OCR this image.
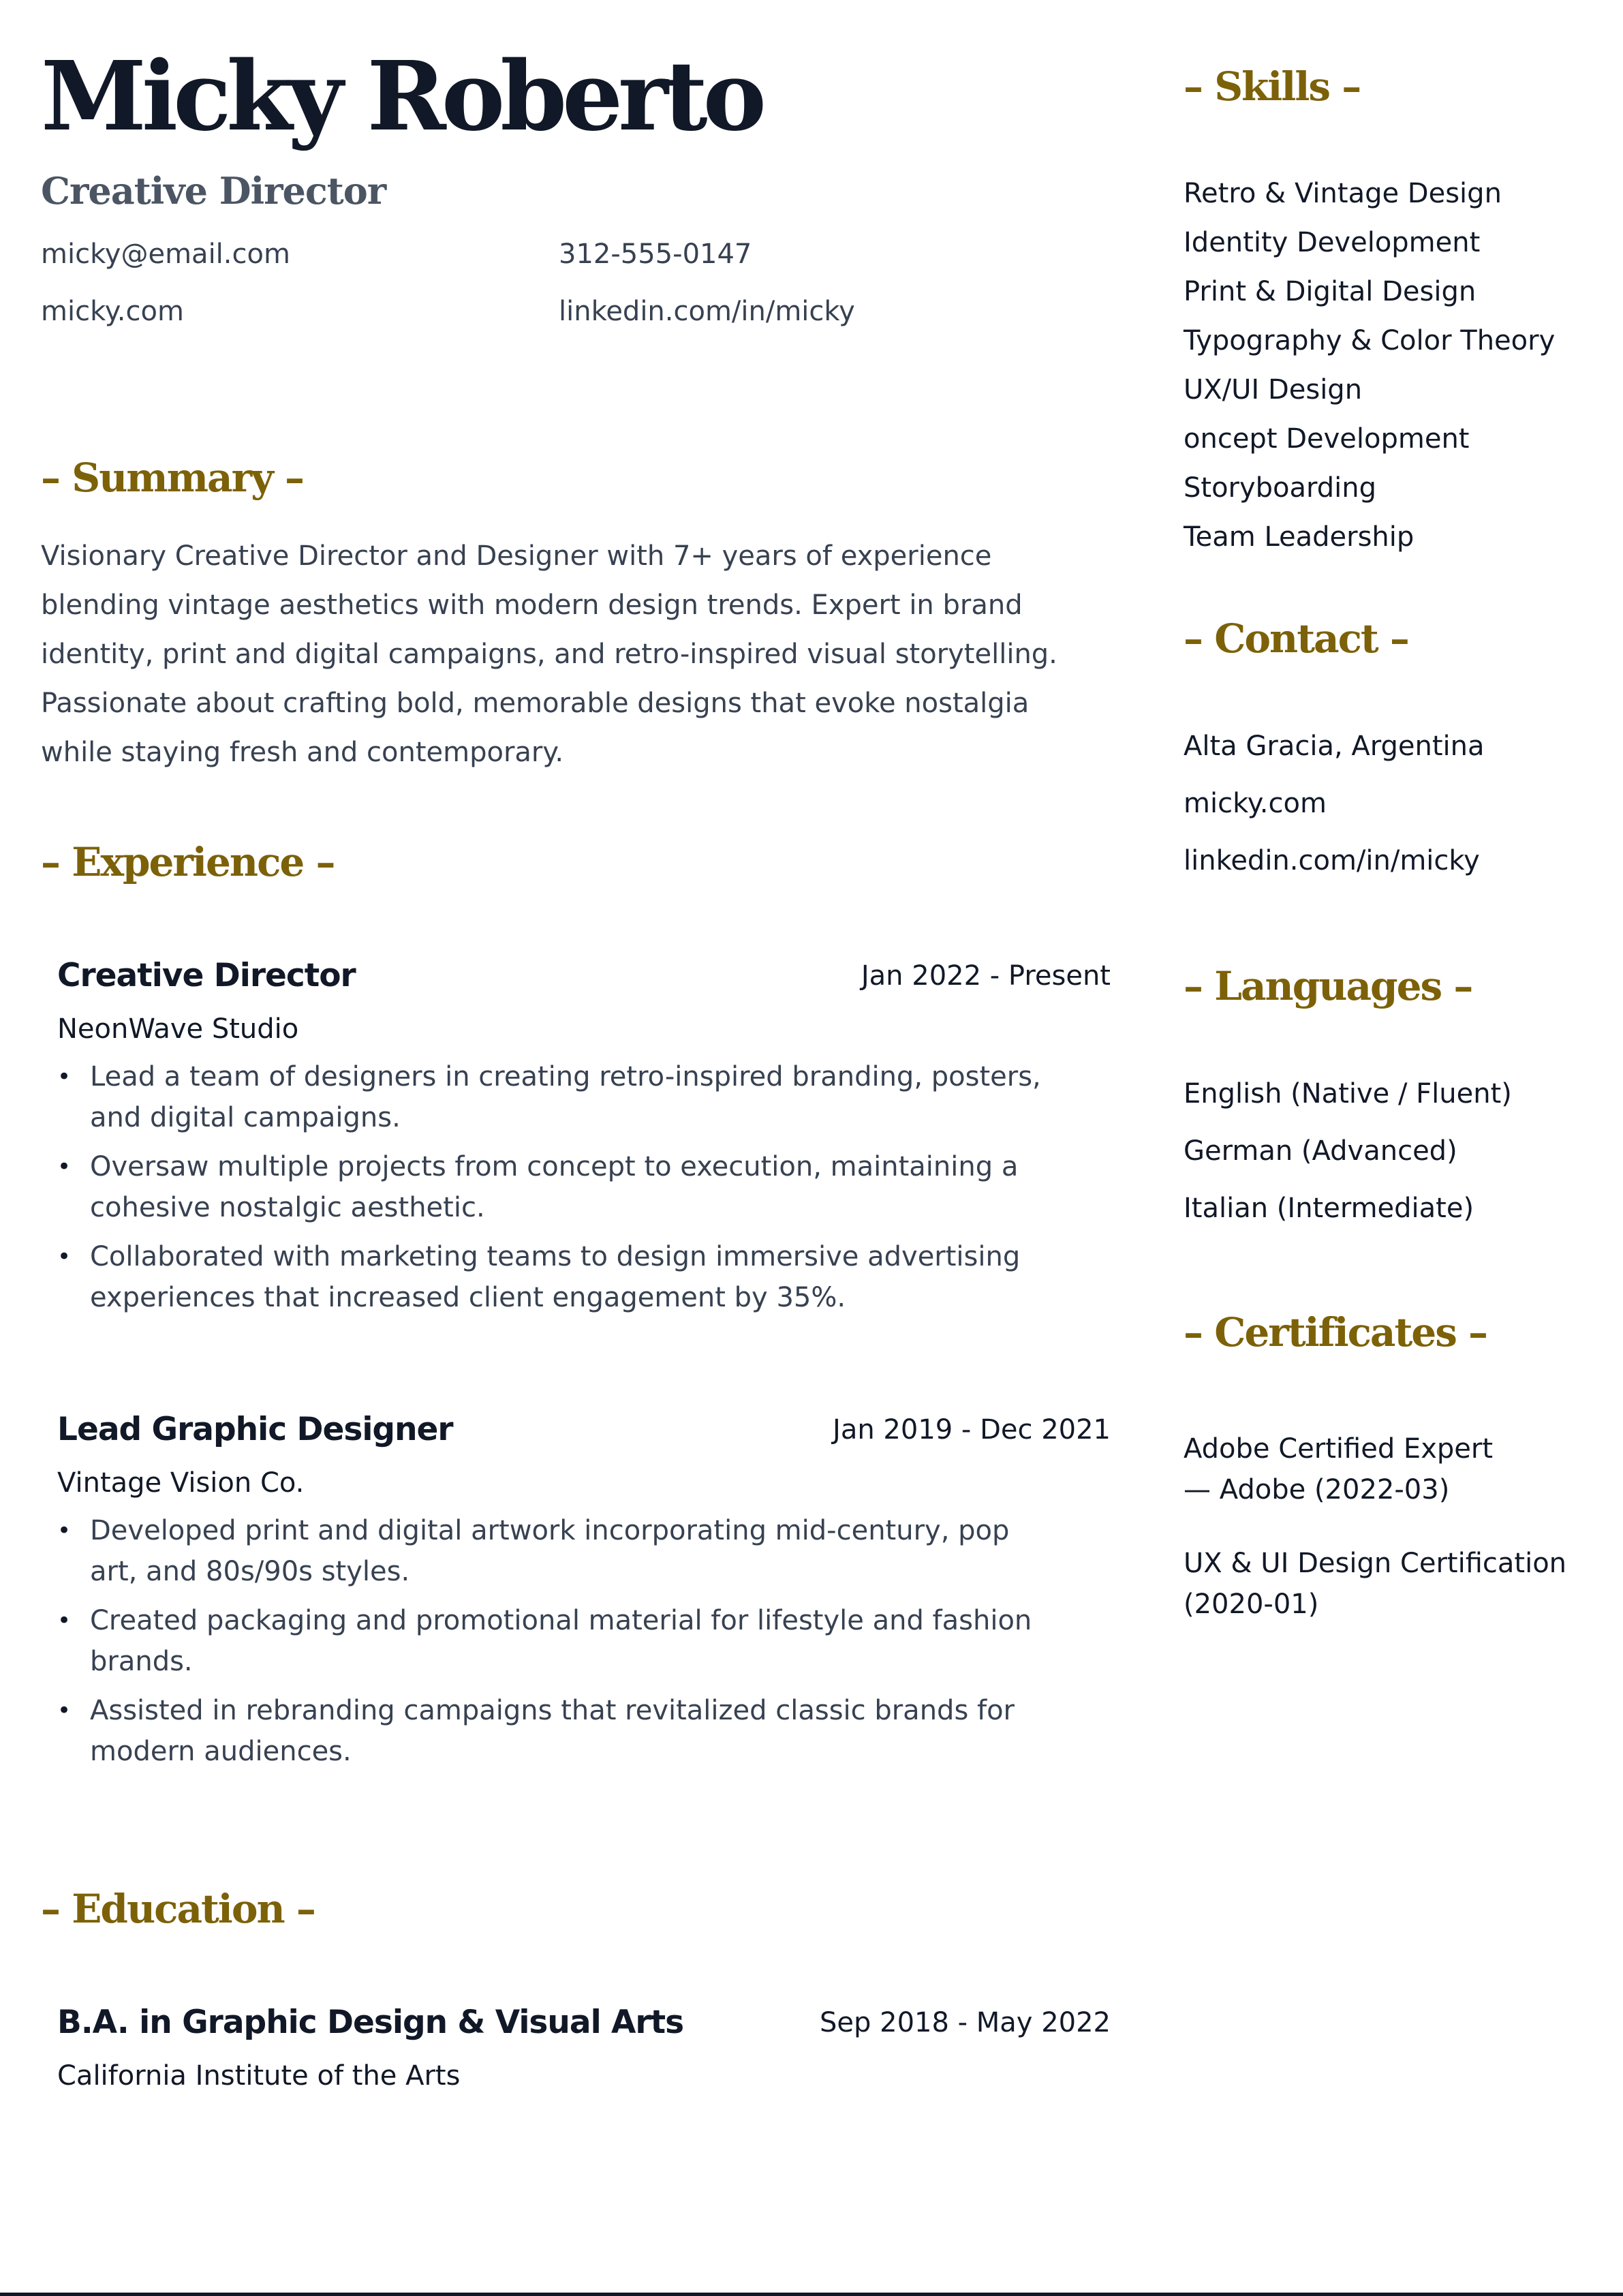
Micky Roberto
Creative Director
micky@email.com	312-555-0147
micky.com	linkedin.com/in/micky
– Summary –

Visionary Creative Director and Designer with 7+ years of experience blending vintage aesthetics with modern design trends. Expert in brand identity, print and digital campaigns, and retro-inspired visual storytelling. Passionate about crafting bold, memorable designs that evoke nostalgia while staying fresh and contemporary.

– Experience –
Creative Director	Jan 2022 - Present
NeonWave Studio
• Lead a team of designers in creating retro-inspired branding, posters, and digital campaigns.
• Oversaw multiple projects from concept to execution, maintaining a cohesive nostalgic aesthetic.
• Collaborated with marketing teams to design immersive advertising experiences that increased client engagement by 35%.
Lead Graphic Designer	Jan 2019 - Dec 2021
Vintage Vision Co.
• Developed print and digital artwork incorporating mid-century, pop art, and 80s/90s styles.
• Created packaging and promotional material for lifestyle and fashion brands.
• Assisted in rebranding campaigns that revitalized classic brands for modern audiences.
– Education –
B.A. in Graphic Design & Visual Arts	Sep 2018 - May 2022
California Institute of the Arts
– Skills –
Retro & Vintage Design
Identity Development
Print & Digital Design
Typography & Color Theory
UX/UI Design
oncept Development
Storyboarding
Team Leadership
– Contact –
Alta Gracia, Argentina
micky.com
linkedin.com/in/micky
– Languages –
English (Native / Fluent)
German (Advanced)
Italian (Intermediate)
– Certificates –
Adobe Certified Expert
— Adobe (2022-03)
UX & UI Design Certification
(2020-01)
